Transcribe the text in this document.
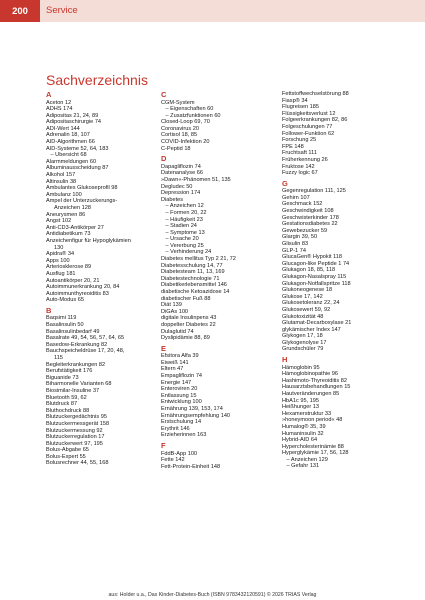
200	Service
Sachverzeichnis
A
Aceton 12
ADHS 174
Adipositas 21, 24, 89
Adipositaschirurgie 74
ADI-Wert 144
Adrenalin 18, 107
AID-Algorithmen 66
AID-Systeme 52, 64, 183
– Übersicht 68
Alarmmeldungen 60
Albuminausscheidung 87
Alkohol 157
Altinsulin 38
Ambulantes Glukoseprofil 98
Ambulanz 100
Ampel der Unterzuckerungs-
Anzeichen 128
Aneurysmen 86
Angst 102
Anti-CD3-Antikörper 27
Antidiabetikum 73
Anzeichenfigur für Hypoglykämien
130
Apidra® 34
Apps 100
Arteriosklerose 89
Ausflug 181
Autoantikörper 20, 21
Autoimmunerkrankung 20, 84
Autoimmunthyreoiditis 83
Auto-Modus 65
B
Baqsimi 119
Basalinsulin 50
Basalinsulinbedarf 49
Basalrate 49, 54, 56, 57, 64, 65
Basedow-Erkrankung 82
Bauchspeicheldrüse 17, 20, 48,
115
Begleiterkrankungen 82
Berufstätigkeit 176
Biguanide 73
Biharmonelle Varianten 68
Biosimilar-Insuline 37
Bluetooth 59, 62
Blutdruck 87
Bluthochdruck 88
Blutzuckergedächtnis 95
Blutzuckermessgerät 158
Blutzuckermessung 92
Blutzuckerregulation 17
Blutzuckerwert 97, 195
Bolus-Abgabe 65
Bolus-Expert 55
Bolusrechner 44, 55, 168
C
CGM-System
– Eigenschaften 60
– Zusatzfunktionen 60
Closed-Loop 69, 70
Coronavirus 20
Cortisol 18, 85
COVID-Infektion 20
C-Peptid 18
D
Dapagliflozin 74
Datenanalyse 66
»Dawn«-Phänomen 51, 135
Degludec 50
Depression 174
Diabetes
– Anzeichen 12
– Formen 20, 22
– Häufigkeit 23
– Stadien 24
– Symptome 13
– Ursache 20
– Vererbung 25
– Verhinderung 24
Diabetes mellitus Typ 2 21, 72
Diabetesschulung 14, 77
Diabetesteam 11, 13, 169
Diabetestechnologie 71
Diabetikerlebensmittel 146
diabetische Ketoazidose 14
diabetischer Fuß 88
Diät 139
DiGAs 100
digitale Insulinpens 43
doppelter Diabetes 22
Dulaglutid 74
Dyslipidämie 88, 89
E
Efsitora Alfa 39
Eiweiß 141
Eltern 47
Empagliflozin 74
Energie 147
Enteroviren 20
Entlassung 15
Entwicklung 100
Ernährung 139, 153, 174
Ernährungsempfehlung 140
Erstschulung 14
Erythrit 146
Erzieherinnen 163
F
FddB-App 100
Fette 142
Fett-Protein-Einheit 148
Fettstoffwechselstörung 88
Fiasp® 34
Flugreisen 185
Flüssigkeitsverlust 12
Folgeerkrankungen 82, 86
Folgeschulungen 77
Follower-Funktion 62
Forschung 25
FPE 148
Fruchtsaft 111
Früherkennung 26
Fruktose 142
Fuzzy logic 67
G
Gegenregulation 111, 125
Gehirn 107
Geschmack 152
Geschwindigkeit 108
Geschwisterkinder 178
Gestationsdiabetes 22
Gewebezucker 59
Glargin 39, 50
Glisulin 83
GLP-1 74
GlucaGen® Hypokit 118
Glucagon-like Peptide 1 74
Glukagon 18, 85, 118
Glukagon-Nasalspray 115
Glukagon-Notfallspritze 118
Glukoneogenese 18
Glukose 17, 142
Glukosetoleranz 22, 24
Glukosewert 59, 92
Glukotoxizität 48
Glutamat-Decarboxylase 21
glykämischer Index 147
Glykogen 17, 18
Glykogenolyse 17
Grundschüler 79
H
Hämoglobin 95
Hämoglobinopathie 96
Hashimoto-Thyreoiditis 82
Hausarztsbehandlungen 15
Hautveränderungen 85
HbA1c 95, 195
Heißhunger 13
Hexamerstruktur 33
»honeymoon period« 48
Humalog® 35, 39
Humaninsulin 32
Hybrid-AID 64
Hypercholesterinämie 88
Hyperglykämie 17, 56, 128
– Anzeichen 129
– Gefahr 131
aus: Holder u.a., Das Kinder-Diabetes-Buch (ISBN 9783432120591) © 2026 TRIAS Verlag
